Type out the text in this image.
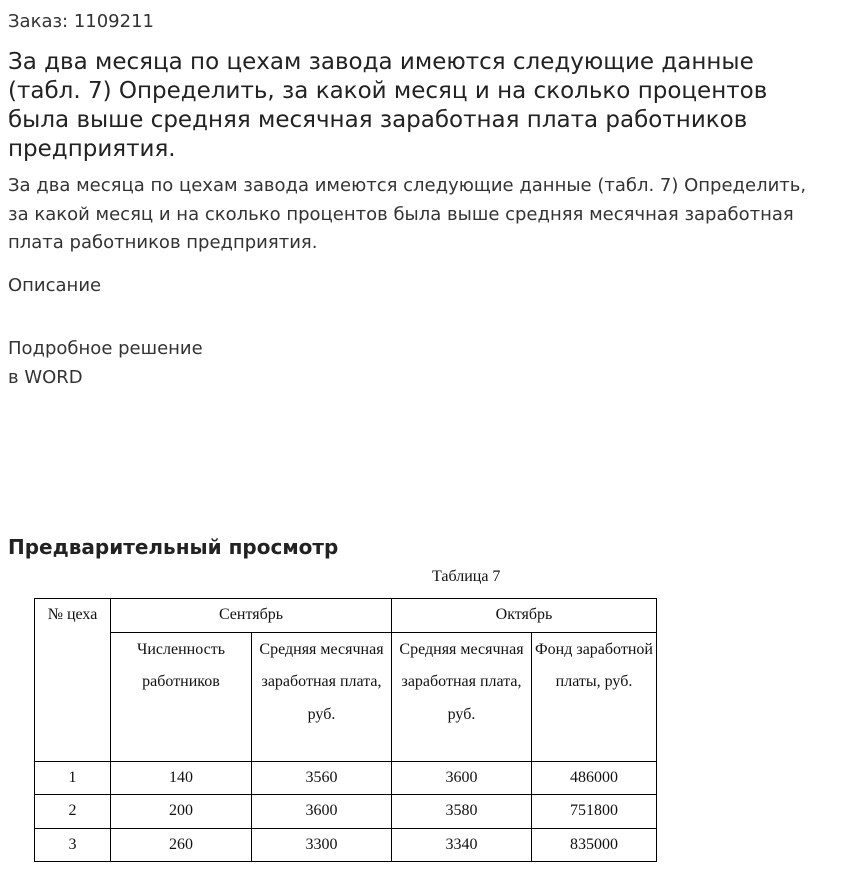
Заказ: 1109211
За два месяца по цехам завода имеются следующие данные (табл. 7) Определить, за какой месяц и на сколько процентов была выше средняя месячная заработная плата работников предприятия.

За два месяца по цехам завода имеются следующие данные (табл. 7) Определить, за какой месяц и на сколько процентов была выше средняя месячная заработная плата работников предприятия.

Описание
Подробное решение
в WORD
Предварительный просмотр
Таблица 7
№ цеха	Сентябрь		Октябрь	

	Численность работников	Средняя месячная заработная плата, руб.	Средняя месячная заработная плата, руб.	Фонд заработной платы, руб.

1	140	3560	3600	486000
2	200	3600	3580	751800
3	260	3300	3340	835000
